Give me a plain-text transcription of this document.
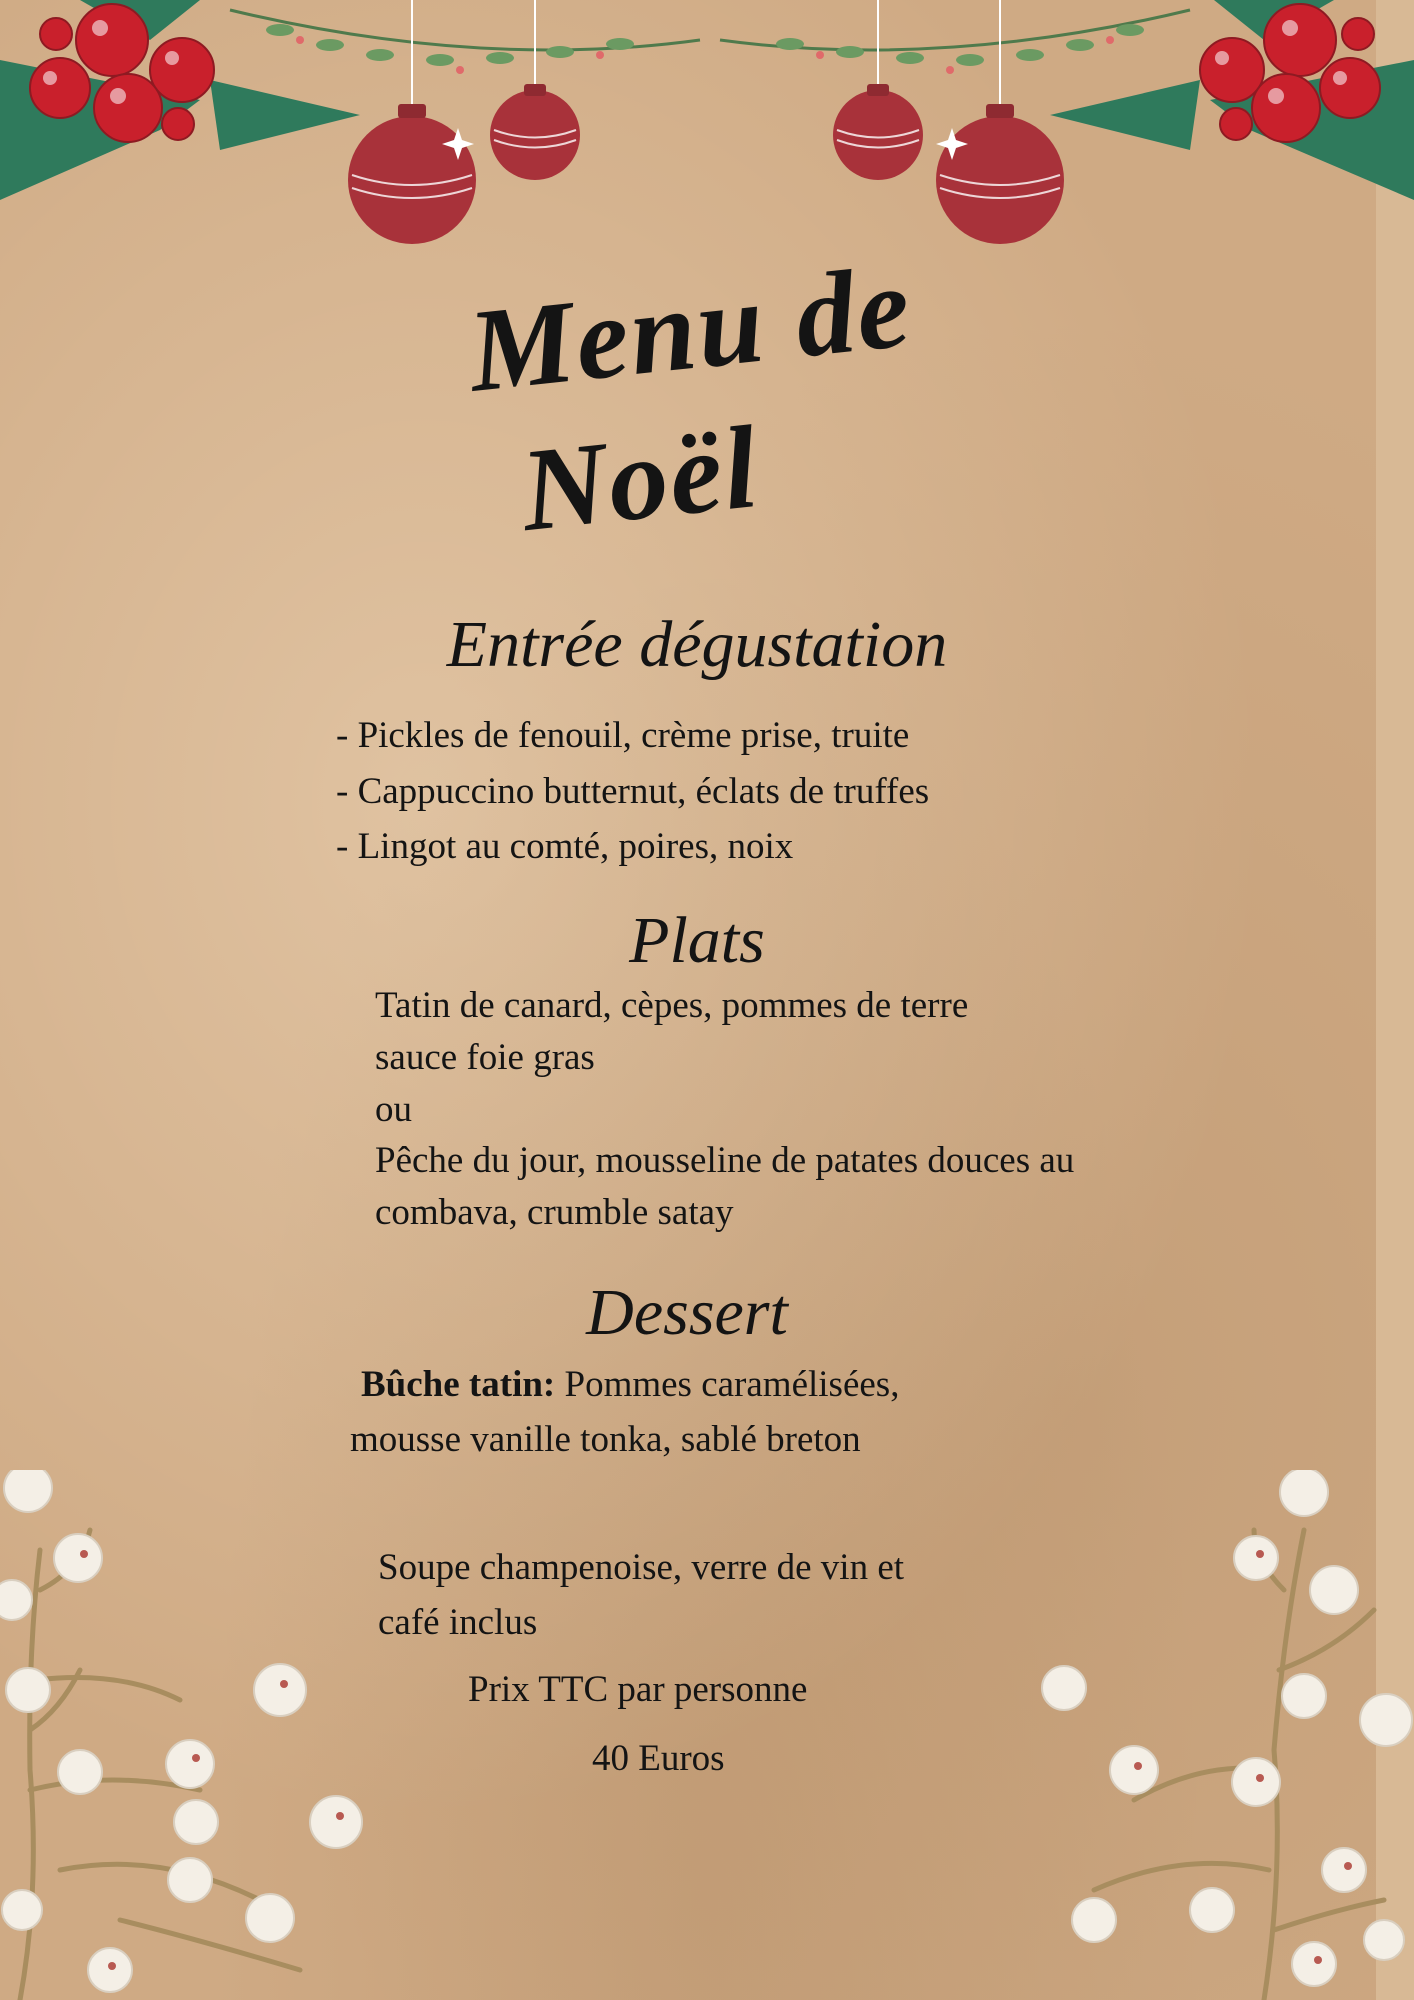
Menu de
Noël
Entrée dégustation
- Pickles de fenouil, crème prise, truite
- Cappuccino butternut, éclats de truffes
- Lingot au comté, poires, noix
Plats
Tatin de canard, cèpes, pommes de terre
sauce foie gras
ou
Pêche du jour, mousseline de patates douces au
combava, crumble satay
Dessert
Bûche tatin: Pommes caramélisées,
mousse vanille tonka, sablé breton
Soupe champenoise, verre de vin et
café inclus
Prix TTC par personne
40 Euros
